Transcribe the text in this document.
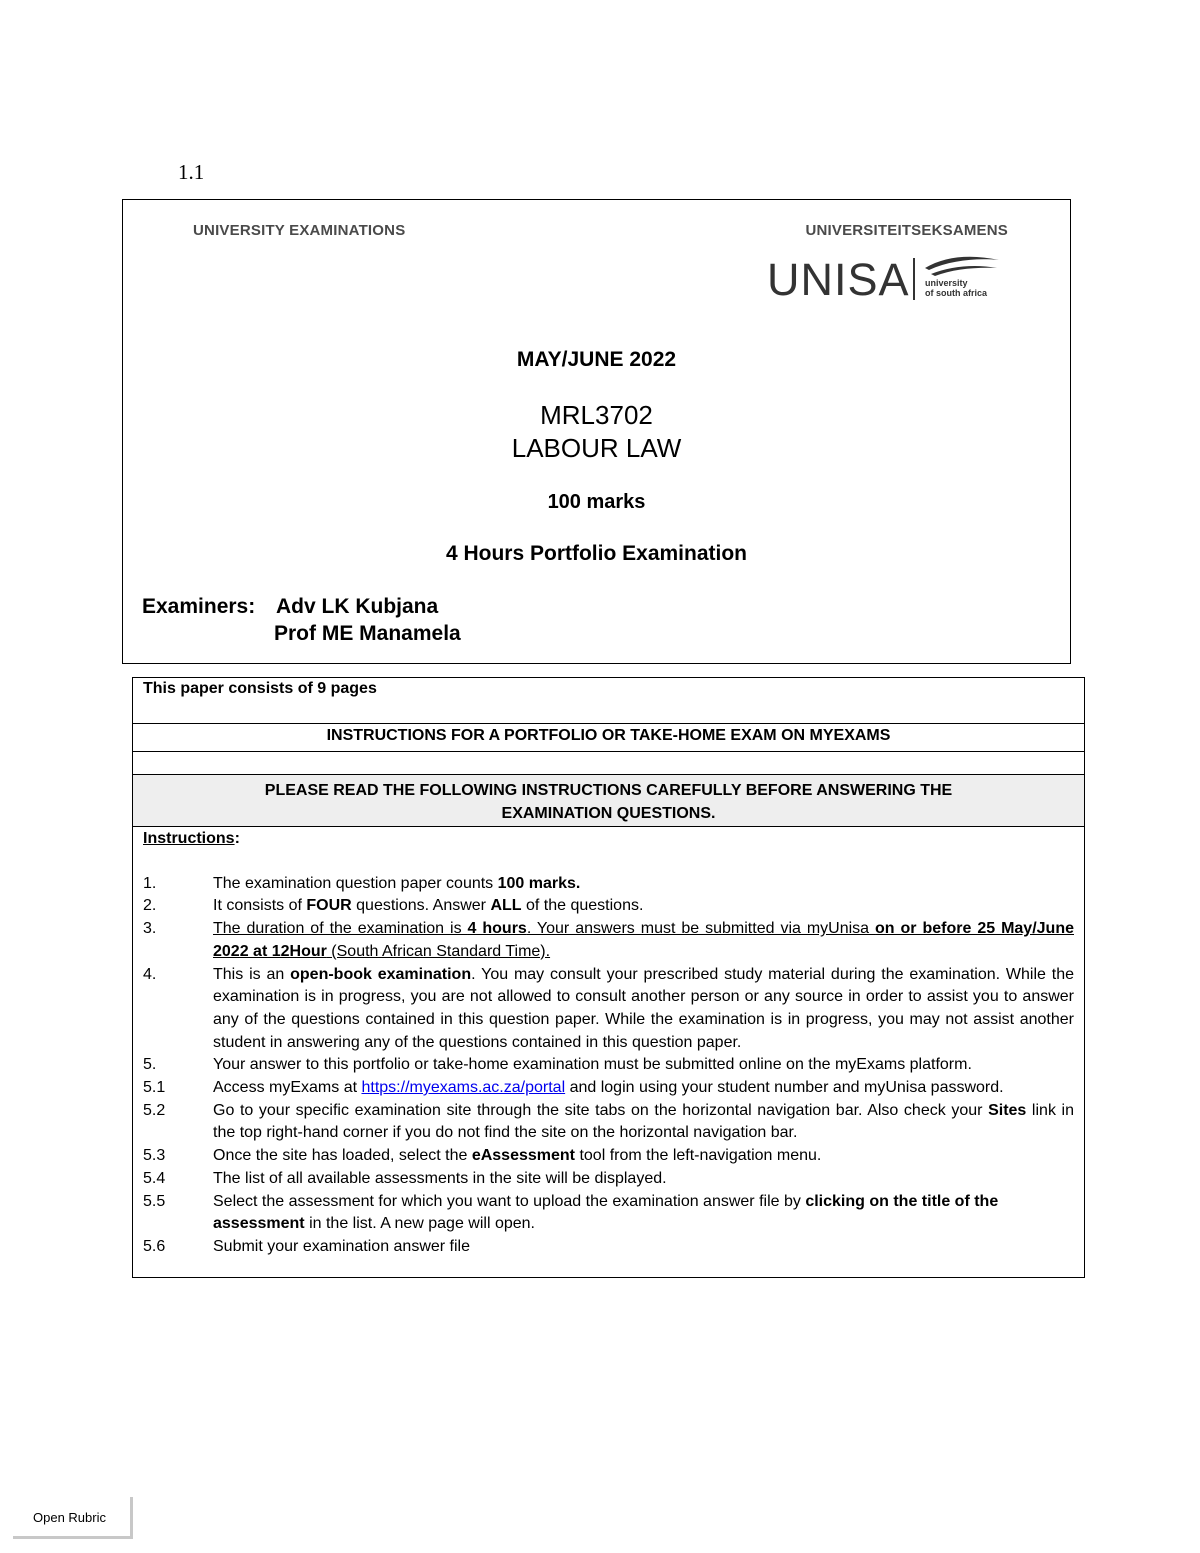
1.1
UNIVERSITY EXAMINATIONS	UNIVERSITEITSEKSAMENS
UNISA university
of south africa
MAY/JUNE 2022
MRL3702
LABOUR LAW
100 marks
4 Hours Portfolio Examination
Examiners: Adv LK Kubjana
Prof ME Manamela
This paper consists of 9 pages
INSTRUCTIONS FOR A PORTFOLIO OR TAKE-HOME EXAM ON MYEXAMS
PLEASE READ THE FOLLOWING INSTRUCTIONS CAREFULLY BEFORE ANSWERING THE
EXAMINATION QUESTIONS.
Instructions:
1.	The examination question paper counts 100 marks.
2.	It consists of FOUR questions. Answer ALL of the questions.
3.	The duration of the examination is 4 hours. Your answers must be submitted via myUnisa on or before 25 May/June 2022 at 12Hour (South African Standard Time).
4.	This is an open-book examination. You may consult your prescribed study material during the examination. While the examination is in progress, you are not allowed to consult another person or any source in order to assist you to answer any of the questions contained in this question paper. While the examination is in progress, you may not assist another student in answering any of the questions contained in this question paper.
5.	Your answer to this portfolio or take-home examination must be submitted online on the myExams platform.
5.1	Access myExams at https://myexams.ac.za/portal and login using your student number and myUnisa password.
5.2	Go to your specific examination site through the site tabs on the horizontal navigation bar. Also check your Sites link in the top right-hand corner if you do not find the site on the horizontal navigation bar.
5.3	Once the site has loaded, select the eAssessment tool from the left-navigation menu.
5.4	The list of all available assessments in the site will be displayed.
5.5	Select the assessment for which you want to upload the examination answer file by clicking on the title of the assessment in the list. A new page will open.
5.6	Submit your examination answer file
Open Rubric
